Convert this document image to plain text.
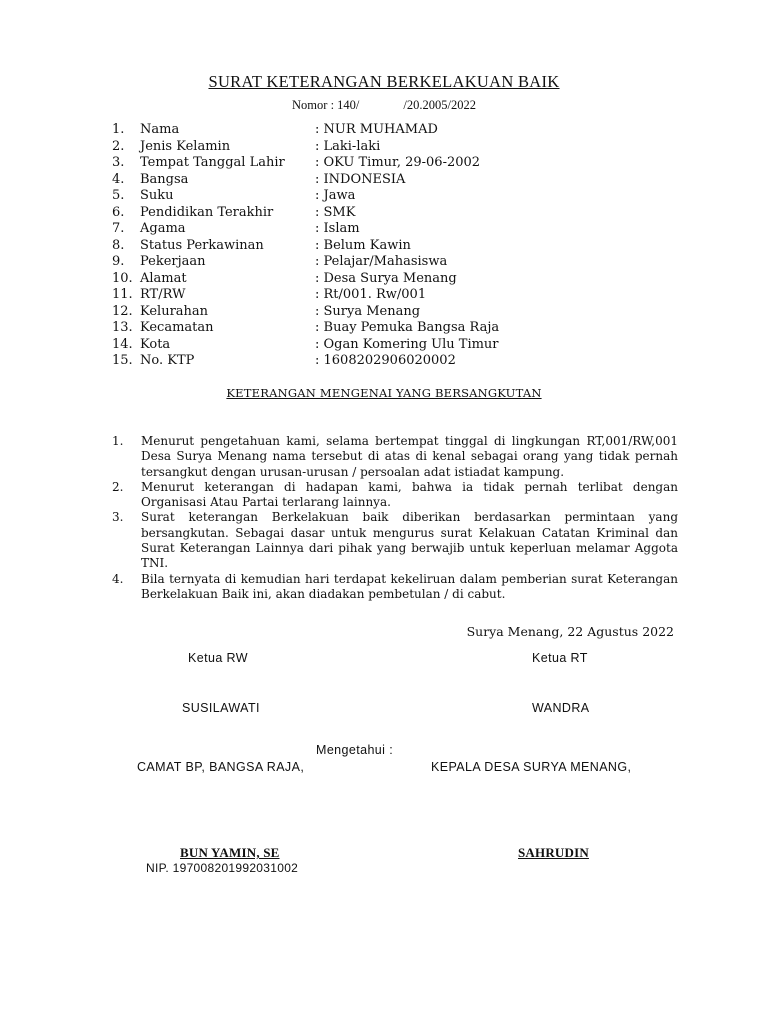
SURAT KETERANGAN BERKELAKUAN BAIK
Nomor : 140/	/20.2005/2022
1.	Nama	: NUR MUHAMAD
2.	Jenis Kelamin	: Laki-laki
3.	Tempat Tanggal Lahir : OKU Timur, 29-06-2002
4.	Bangsa	: INDONESIA
5.	Suku	: Jawa
6.	Pendidikan Terakhir	: SMK
7.	Agama	: Islam
8.	Status Perkawinan	: Belum Kawin
9.	Pekerjaan	: Pelajar/Mahasiswa
10. Alamat	: Desa Surya Menang
11. RT/RW	: Rt/001. Rw/001
12. Kelurahan	: Surya Menang
13. Kecamatan	: Buay Pemuka Bangsa Raja
14. Kota	: Ogan Komering Ulu Timur
15. No. KTP	: 1608202906020002
KETERANGAN MENGENAI YANG BERSANGKUTAN
1. Menurut pengetahuan kami, selama bertempat tinggal di lingkungan RT,001/RW,001 Desa Surya Menang nama tersebut di atas di kenal sebagai orang yang tidak pernah tersangkut dengan urusan-urusan / persoalan adat istiadat kampung.
2. Menurut keterangan di hadapan kami, bahwa ia tidak pernah terlibat dengan Organisasi Atau Partai terlarang lainnya.
3. Surat keterangan Berkelakuan baik diberikan berdasarkan permintaan yang bersangkutan. Sebagai dasar untuk mengurus surat Kelakuan Catatan Kriminal dan Surat Keterangan Lainnya dari pihak yang berwajib untuk keperluan melamar Aggota TNI.
4. Bila ternyata di kemudian hari terdapat kekeliruan dalam pemberian surat Keterangan Berkelakuan Baik ini, akan diadakan pembetulan / di cabut.
Surya Menang, 22 Agustus 2022
Ketua RW	Ketua RT
SUSILAWATI	WANDRA
Mengetahui :
CAMAT BP, BANGSA RAJA,	KEPALA DESA SURYA MENANG,
BUN YAMIN, SE	SAHRUDIN
NIP. 197008201992031002
